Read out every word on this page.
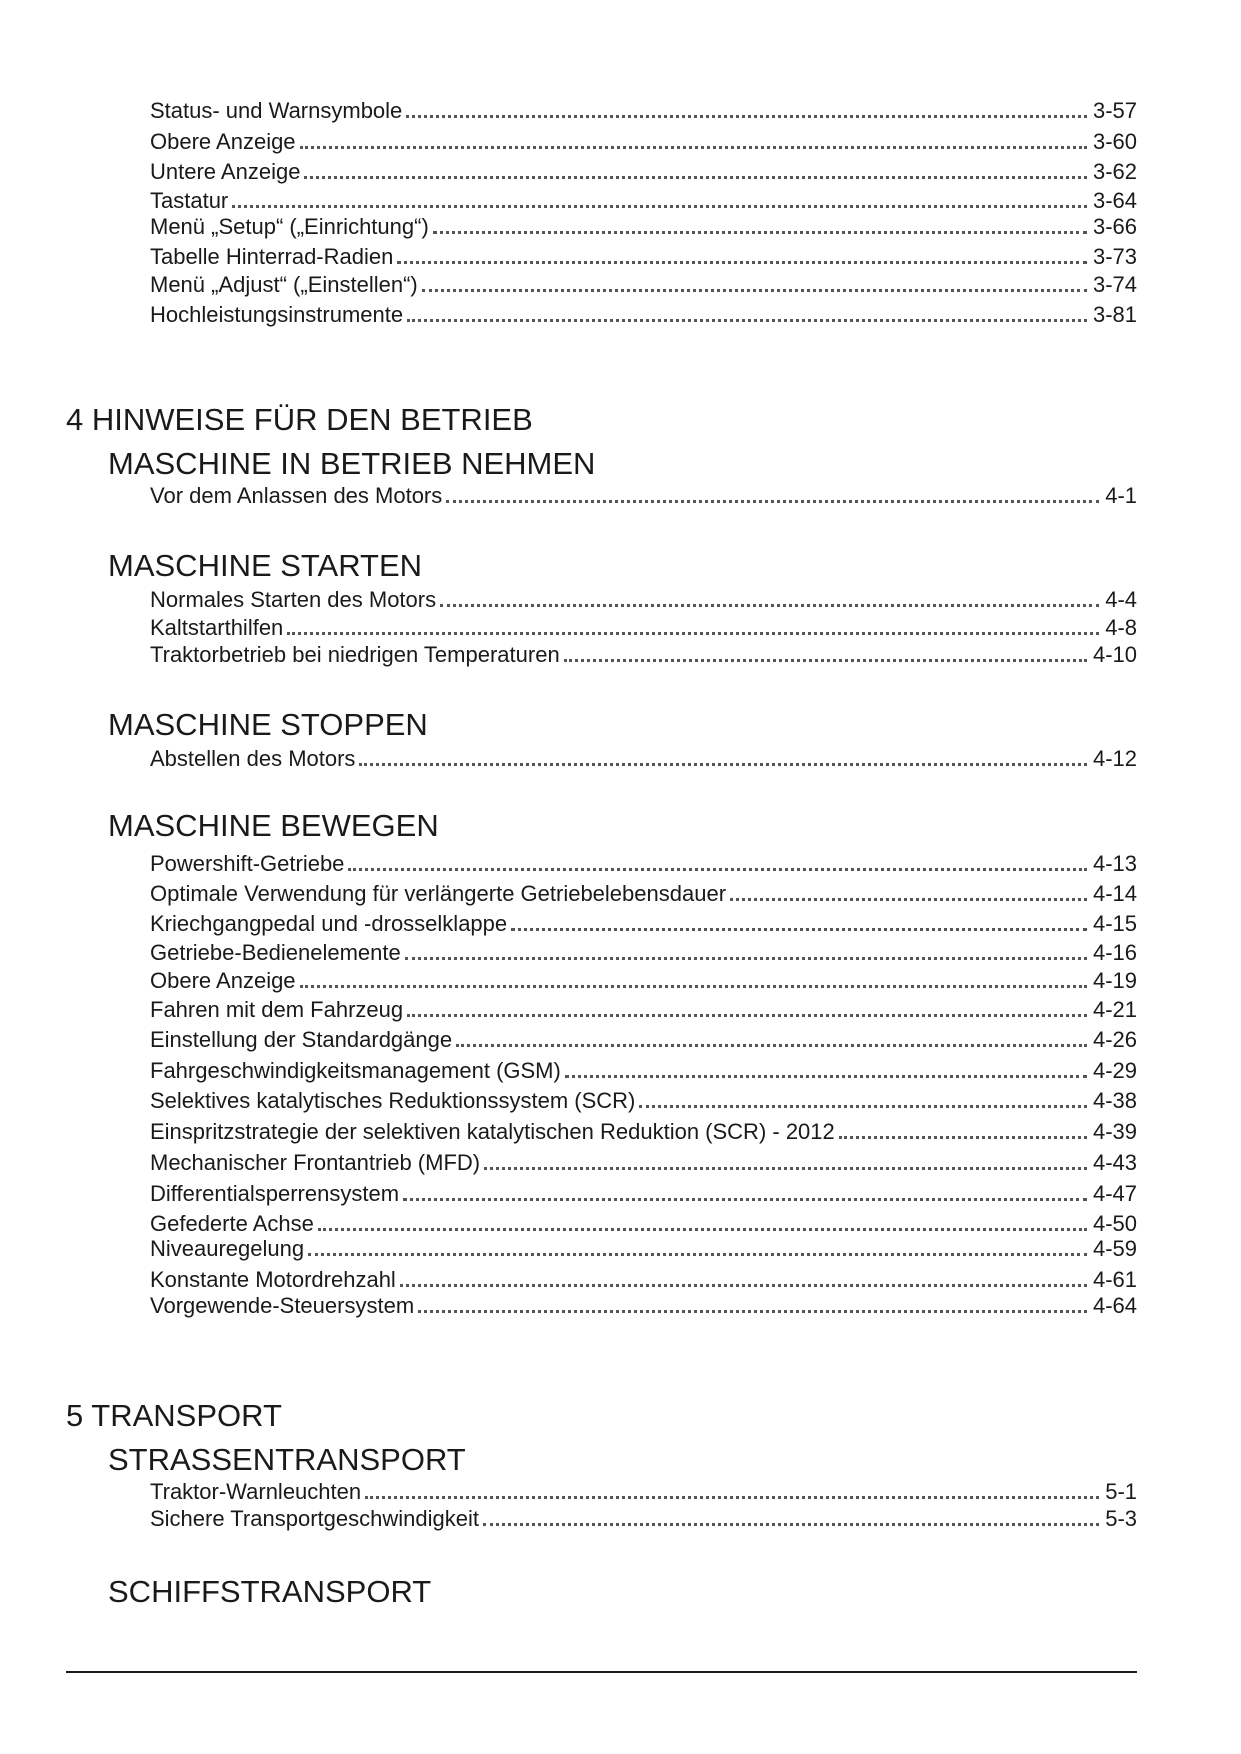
Status- und Warnsymbole	3-57
Obere Anzeige	3-60
Untere Anzeige	3-62
Tastatur	3-64
Menü „Setup“ („Einrichtung“)	3-66
Tabelle Hinterrad-Radien	3-73
Menü „Adjust“ („Einstellen“)	3-74
Hochleistungsinstrumente	3-81
4 HINWEISE FÜR DEN BETRIEB
MASCHINE IN BETRIEB NEHMEN
Vor dem Anlassen des Motors	4-1
MASCHINE STARTEN
Normales Starten des Motors	4-4
Kaltstarthilfen	4-8
Traktorbetrieb bei niedrigen Temperaturen	4-10
MASCHINE STOPPEN
Abstellen des Motors	4-12
MASCHINE BEWEGEN
Powershift-Getriebe	4-13
Optimale Verwendung für verlängerte Getriebelebensdauer	4-14
Kriechgangpedal und -drosselklappe	4-15
Getriebe-Bedienelemente	4-16
Obere Anzeige	4-19
Fahren mit dem Fahrzeug	4-21
Einstellung der Standardgänge	4-26
Fahrgeschwindigkeitsmanagement (GSM)	4-29
Selektives katalytisches Reduktionssystem (SCR)	4-38
Einspritzstrategie der selektiven katalytischen Reduktion (SCR) - 2012	4-39
Mechanischer Frontantrieb (MFD)	4-43
Differentialsperrensystem	4-47
Gefederte Achse	4-50
Niveauregelung	4-59
Konstante Motordrehzahl	4-61
Vorgewende-Steuersystem	4-64
5 TRANSPORT
STRASSENTRANSPORT
Traktor-Warnleuchten	5-1
Sichere Transportgeschwindigkeit	5-3
SCHIFFSTRANSPORT
